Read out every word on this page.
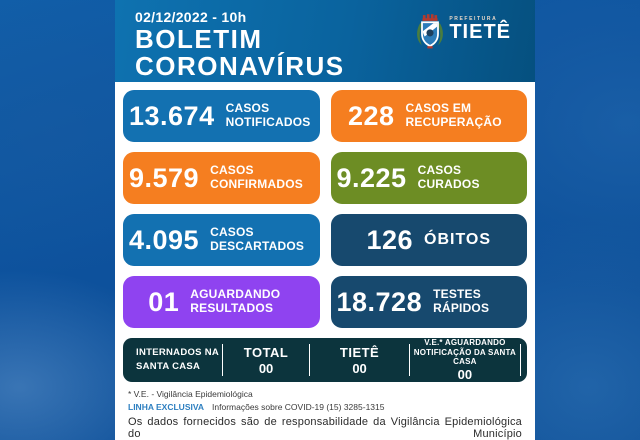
02/12/2022 - 10h
BOLETIM
CORONAVÍRUS
PREFEITURA
TIETÊ
13.674 CASOS NOTIFICADOS 228 CASOS EM RECUPERAÇÃO
9.579 CASOS CONFIRMADOS	9.225 CASOS CURADOS
4.095 CASOS DESCARTADOS	126 ÓBITOS
01 AGUARDANDO RESULTADOS	18.728 TESTES RÁPIDOS
INTERNADOS NA SANTA CASA
TOTAL
00
TIETÊ
00
V.E.* AGUARDANDO NOTIFICAÇÃO DA SANTA CASA
00
* V.E. - Vigilância Epidemiológica
LINHA EXCLUSIVA Informações sobre COVID-19 (15) 3285-1315
Os dados fornecidos são de responsabilidade da Vigilância Epidemiológica do Município
